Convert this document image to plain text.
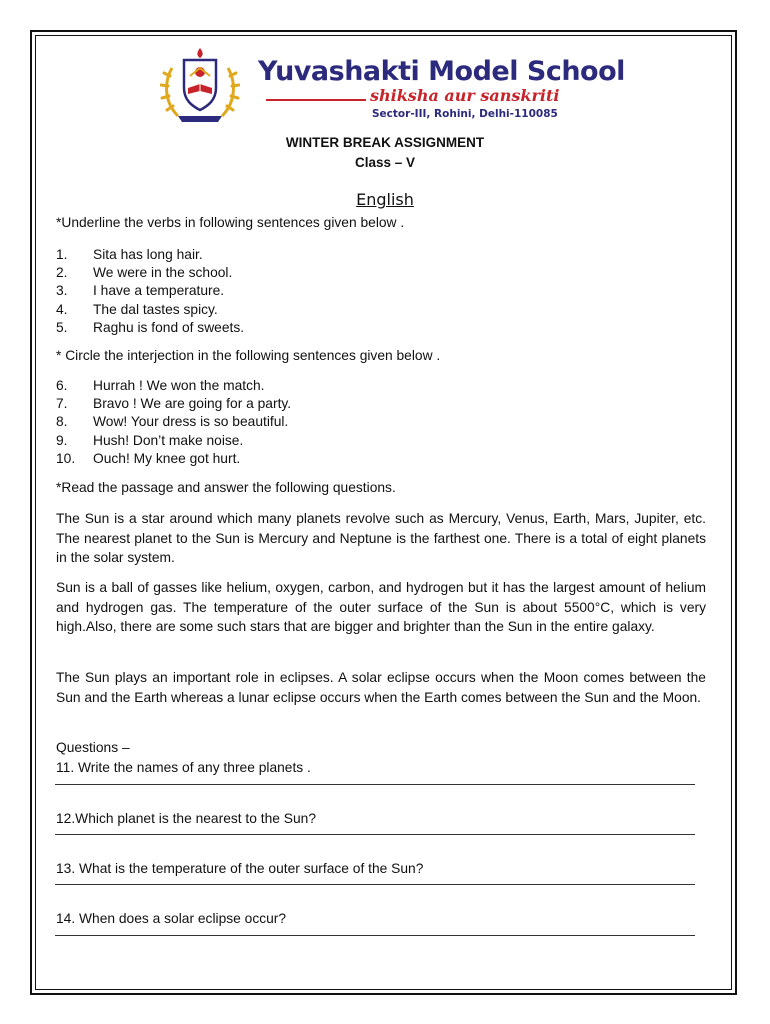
Yuvashakti Model School
shiksha aur sanskriti
Sector-III, Rohini, Delhi-110085
WINTER BREAK ASSIGNMENT
Class – V
English
*Underline the verbs in following sentences given below .
1. Sita has long hair.
2. We were in the school.
3. I have a temperature.
4. The dal tastes spicy.
5. Raghu is fond of sweets.
* Circle the interjection in the following sentences given below .
6. Hurrah ! We won the match.
7. Bravo ! We are going for a party.
8. Wow! Your dress is so beautiful.
9. Hush! Don’t make noise.
10. Ouch! My knee got hurt.
*Read the passage and answer the following questions.

The Sun is a star around which many planets revolve such as Mercury, Venus, Earth, Mars, Jupiter, etc. The nearest planet to the Sun is Mercury and Neptune is the farthest one. There is a total of eight planets in the solar system.

Sun is a ball of gasses like helium, oxygen, carbon, and hydrogen but it has the largest amount of helium and hydrogen gas. The temperature of the outer surface of the Sun is about 5500°C, which is very high.Also, there are some such stars that are bigger and brighter than the Sun in the entire galaxy.

The Sun plays an important role in eclipses. A solar eclipse occurs when the Moon comes between the Sun and the Earth whereas a lunar eclipse occurs when the Earth comes between the Sun and the Moon.

Questions –
11. Write the names of any three planets .
12.Which planet is the nearest to the Sun?
13. What is the temperature of the outer surface of the Sun?
14. When does a solar eclipse occur?
